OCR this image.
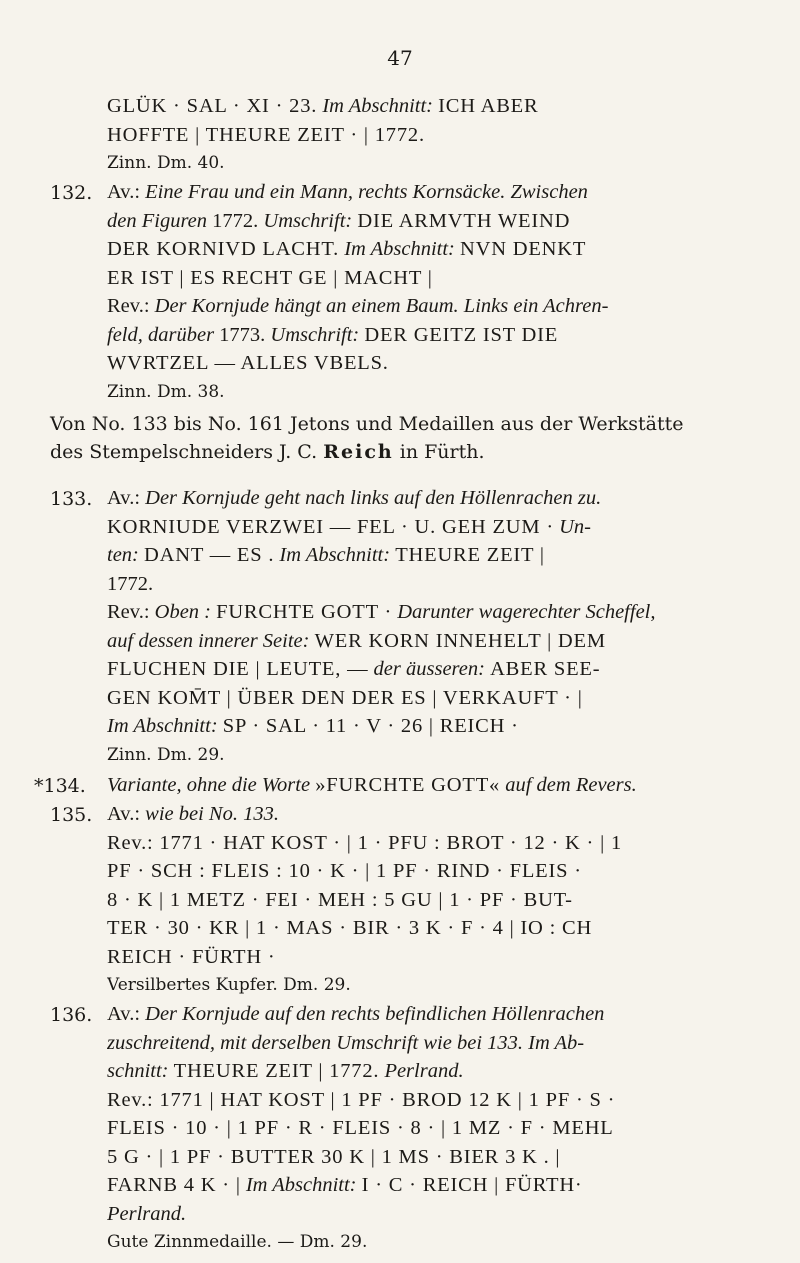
47
GLÜK · SAL · XI · 23. Im Abschnitt: ICH ABER
HOFFTE | THEURE ZEIT · | 1772.
Zinn. Dm. 40.
132. Av.: Eine Frau und ein Mann, rechts Kornsäcke. Zwischen
den Figuren 1772. Umschrift: DIE ARMVTH WEIND
DER KORNIVD LACHT. Im Abschnitt: NVN DENKT
ER IST | ES RECHT GE | MACHT |
Rev.: Der Kornjude hängt an einem Baum. Links ein Achren-
feld, darüber 1773. Umschrift: DER GEITZ IST DIE
WVRTZEL — ALLES VBELS.
Zinn. Dm. 38.
Von No. 133 bis No. 161 Jetons und Medaillen aus der Werkstätte
des Stempelschneiders J. C. Reich in Fürth.
133. Av.: Der Kornjude geht nach links auf den Höllenrachen zu.
KORNIUDE VERZWEI — FEL · U. GEH ZUM · Un-
ten: DANT — ES . Im Abschnitt: THEURE ZEIT |
1772.
Rev.: Oben : FURCHTE GOTT · Darunter wagerechter Scheffel,
auf dessen innerer Seite: WER KORN INNEHELT | DEM
FLUCHEN DIE | LEUTE, — der äusseren: ABER SEE-
GEN KOM̄T | ÜBER DEN DER ES | VERKAUFT · |
Im Abschnitt: SP · SAL · 11 · V · 26 | REICH ·
Zinn. Dm. 29.
*134.	Variante, ohne die Worte »FURCHTE GOTT« auf dem Revers.
135. Av.: wie bei No. 133.
Rev.: 1771 · HAT KOST · | 1 · PFU : BROT · 12 · K · | 1
PF · SCH : FLEIS : 10 · K · | 1 PF · RIND · FLEIS ·
8 · K | 1 METZ · FEI · MEH : 5 GU | 1 · PF · BUT-
TER · 30 · KR | 1 · MAS · BIR · 3 K · F · 4 | IO : CH
REICH · FÜRTH ·
Versilbertes Kupfer. Dm. 29.
136. Av.: Der Kornjude auf den rechts befindlichen Höllenrachen
zuschreitend, mit derselben Umschrift wie bei 133. Im Ab-
schnitt: THEURE ZEIT | 1772. Perlrand.
Rev.: 1771 | HAT KOST | 1 PF · BROD 12 K | 1 PF · S ·
FLEIS · 10 · | 1 PF · R · FLEIS · 8 · | 1 MZ · F · MEHL
5 G · | 1 PF · BUTTER 30 K | 1 MS · BIER 3 K . |
FARNB 4 K · | Im Abschnitt: I · C · REICH | FÜRTH·
Perlrand.
Gute Zinnmedaille. — Dm. 29.
